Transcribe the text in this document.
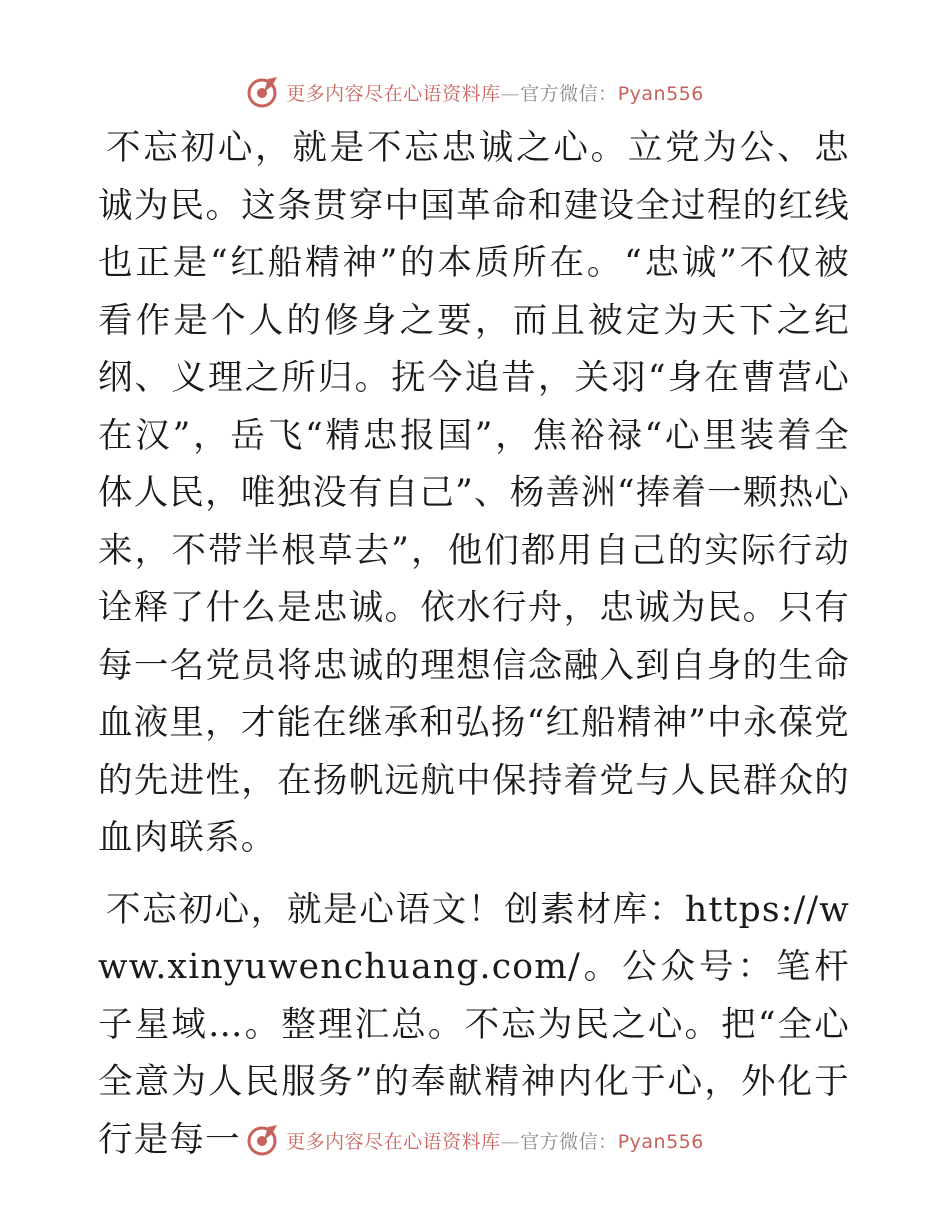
更多内容尽在心语资料库—官方微信：Pyan556

不忘初心，就是不忘忠诚之心。立党为公、忠诚为民。这条贯穿中国革命和建设全过程的红线也正是“红船精神”的本质所在。“忠诚”不仅被看作是个人的修身之要，而且被定为天下之纪纲、义理之所归。抚今追昔，关羽“身在曹营心在汉”，岳飞“精忠报国”，焦裕禄“心里装着全体人民，唯独没有自己”、杨善洲“捧着一颗热心来，不带半根草去”，他们都用自己的实际行动诠释了什么是忠诚。依水行舟，忠诚为民。只有每一名党员将忠诚的理想信念融入到自身的生命血液里，才能在继承和弘扬“红船精神”中永葆党的先进性，在扬帆远航中保持着党与人民群众的血肉联系。

不忘初心，就是心语文！创素材库：https://www.xinyuwenchuang.com/。公众号：笔杆子星域…。整理汇总。不忘为民之心。把“全心全意为人民服务”的奉献精神内化于心，外化于行是每一	更多内容尽在心语资料库—官方微信：Pyan556
